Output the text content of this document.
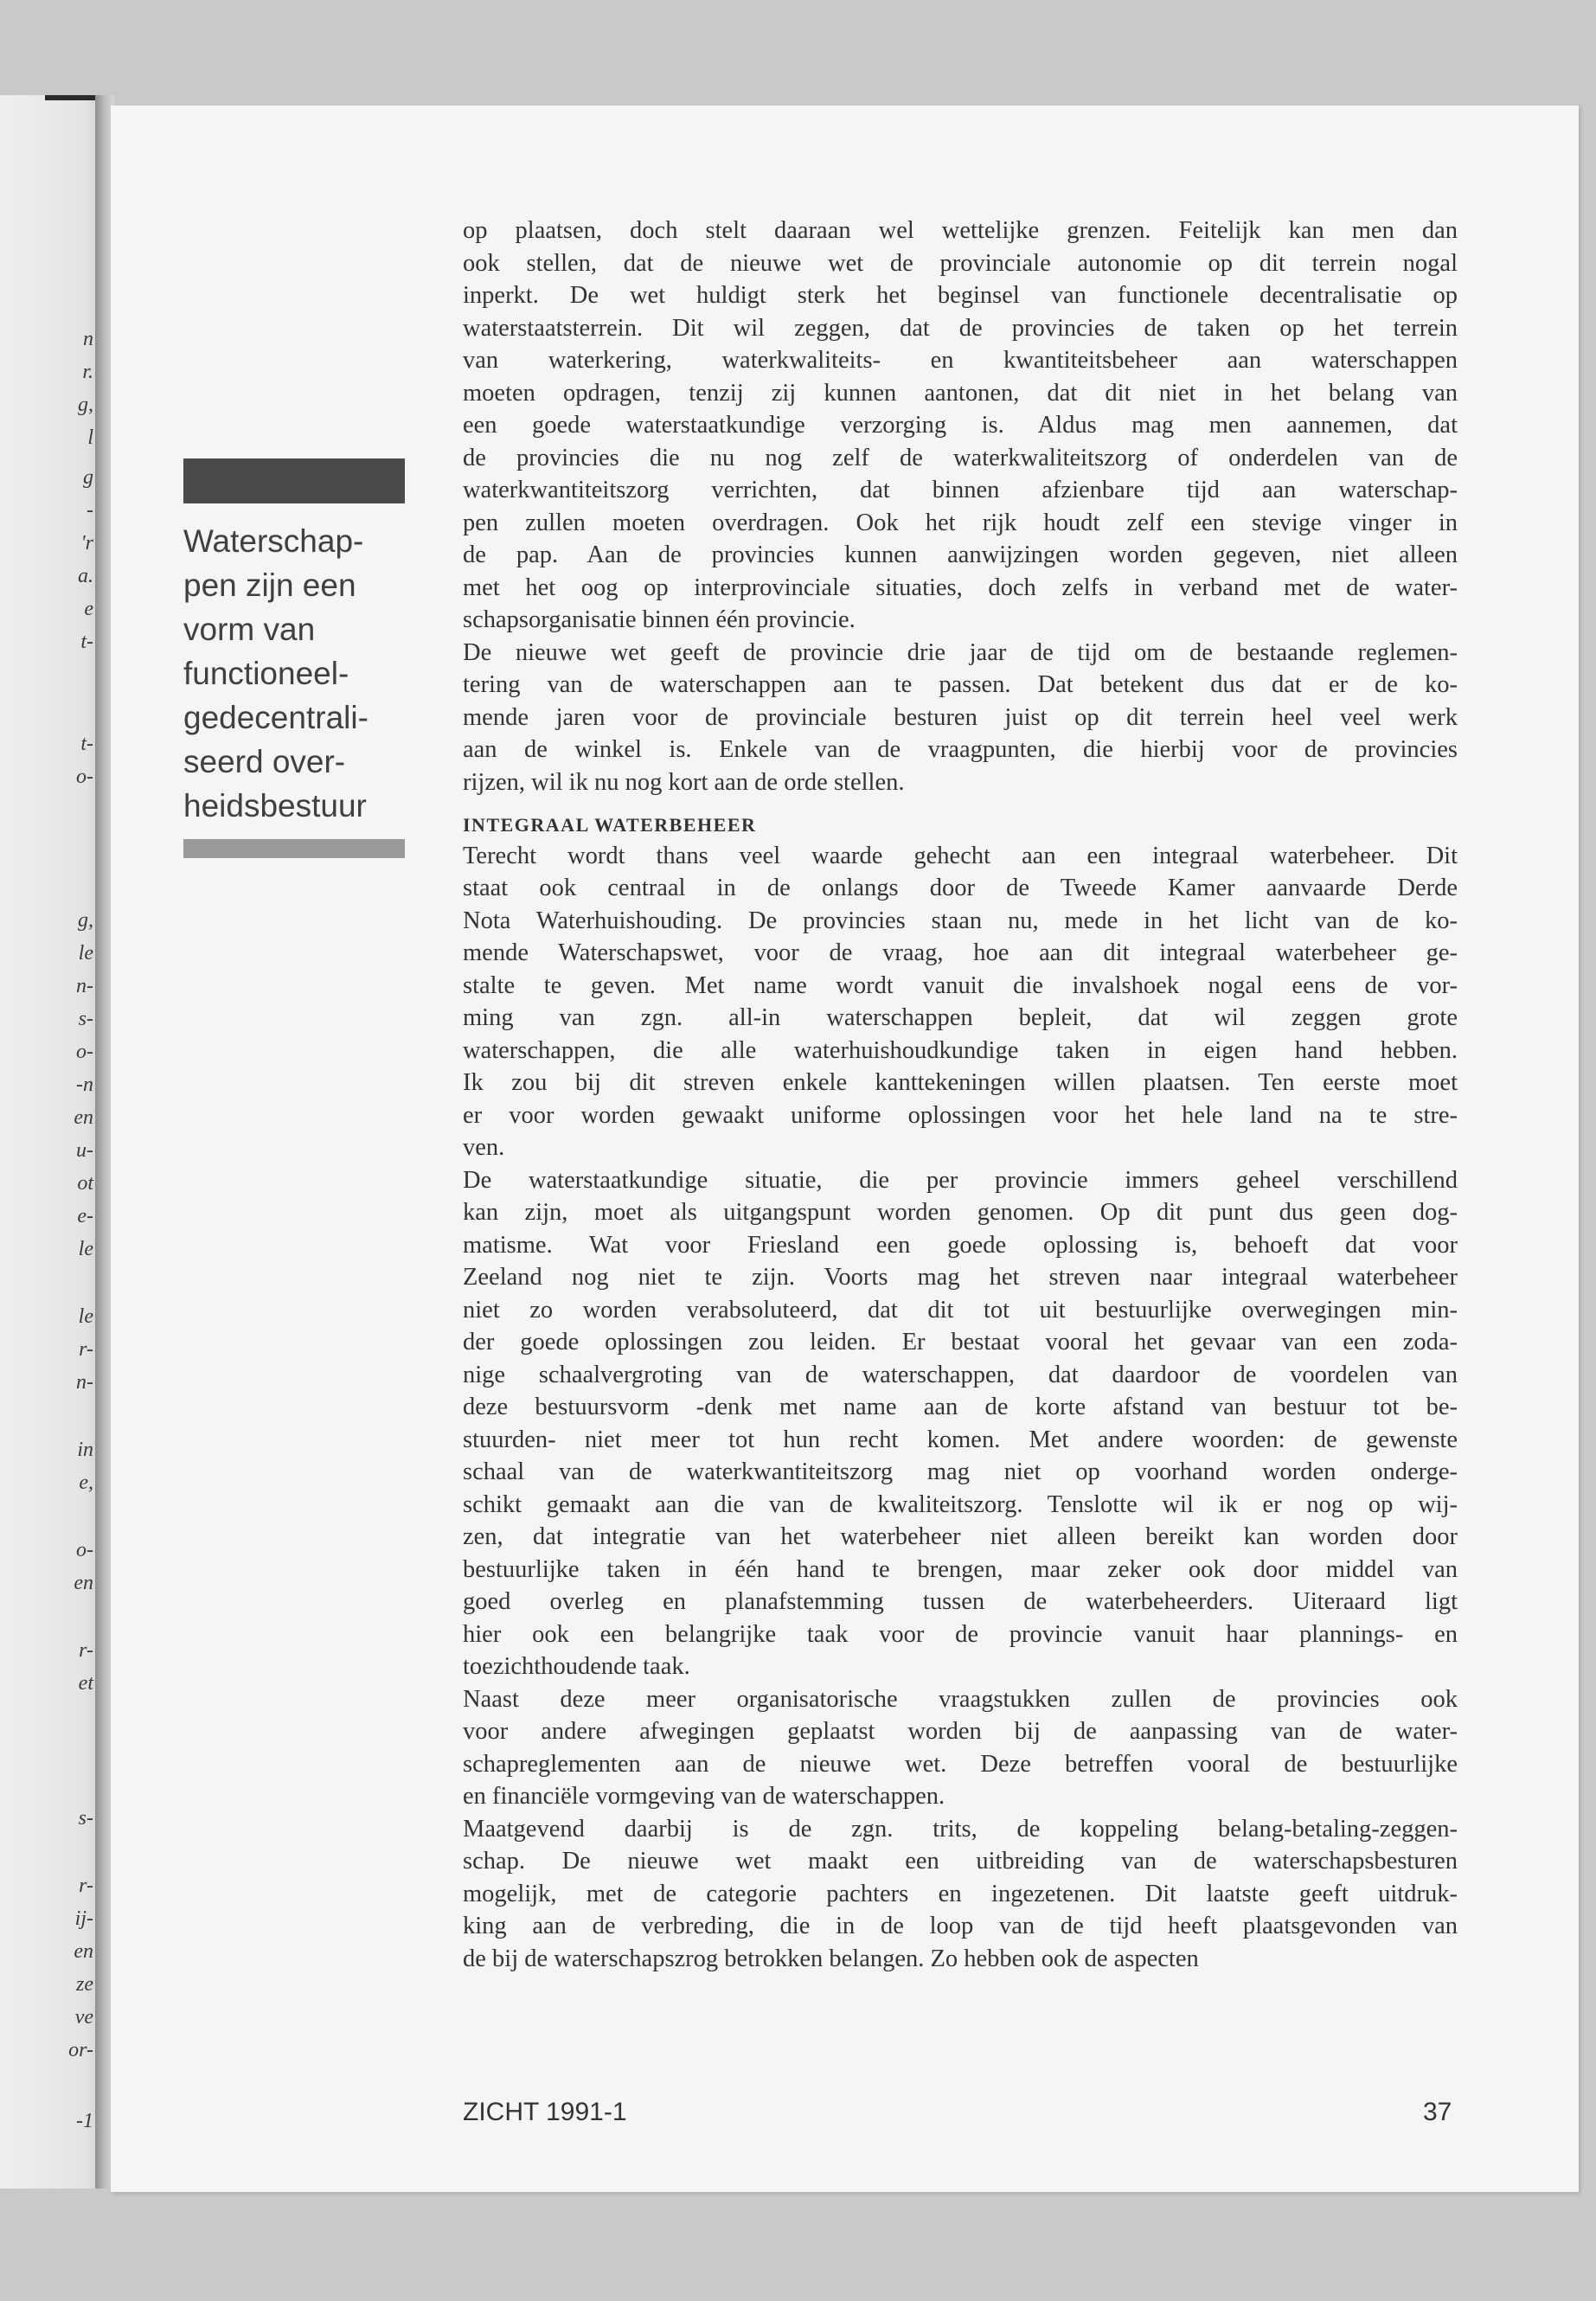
n
r.
g,
l
g
-
'r
a.
e
t-
t-
o-
g,
le
n-
s-
o-
-n
en
u-
ot
e-
le
le
r-
n-
in
e,
o-
en
r-
et
s-
r-
ij-
en
ze
ve
or-
-1

Waterschap-
pen zijn een
vorm van
functioneel-
gedecentrali-
seerd over-
heidsbestuur

op plaatsen, doch stelt daaraan wel wettelijke grenzen. Feitelijk kan men dan
ook stellen, dat de nieuwe wet de provinciale autonomie op dit terrein nogal
inperkt. De wet huldigt sterk het beginsel van functionele decentralisatie op
waterstaatsterrein. Dit wil zeggen, dat de provincies de taken op het terrein
van waterkering, waterkwaliteits- en kwantiteitsbeheer aan waterschappen
moeten opdragen, tenzij zij kunnen aantonen, dat dit niet in het belang van
een goede waterstaatkundige verzorging is. Aldus mag men aannemen, dat
de provincies die nu nog zelf de waterkwaliteitszorg of onderdelen van de
waterkwantiteitszorg verrichten, dat binnen afzienbare tijd aan waterschap-
pen zullen moeten overdragen. Ook het rijk houdt zelf een stevige vinger in
de pap. Aan de provincies kunnen aanwijzingen worden gegeven, niet alleen
met het oog op interprovinciale situaties, doch zelfs in verband met de water-
schapsorganisatie binnen één provincie.
De nieuwe wet geeft de provincie drie jaar de tijd om de bestaande reglemen-
tering van de waterschappen aan te passen. Dat betekent dus dat er de ko-
mende jaren voor de provinciale besturen juist op dit terrein heel veel werk
aan de winkel is. Enkele van de vraagpunten, die hierbij voor de provincies
rijzen, wil ik nu nog kort aan de orde stellen.
INTEGRAAL WATERBEHEER
Terecht wordt thans veel waarde gehecht aan een integraal waterbeheer. Dit
staat ook centraal in de onlangs door de Tweede Kamer aanvaarde Derde
Nota Waterhuishouding. De provincies staan nu, mede in het licht van de ko-
mende Waterschapswet, voor de vraag, hoe aan dit integraal waterbeheer ge-
stalte te geven. Met name wordt vanuit die invalshoek nogal eens de vor-
ming van zgn. all-in waterschappen bepleit, dat wil zeggen grote
waterschappen, die alle waterhuishoudkundige taken in eigen hand hebben.
Ik zou bij dit streven enkele kanttekeningen willen plaatsen. Ten eerste moet
er voor worden gewaakt uniforme oplossingen voor het hele land na te stre-
ven.
De waterstaatkundige situatie, die per provincie immers geheel verschillend
kan zijn, moet als uitgangspunt worden genomen. Op dit punt dus geen dog-
matisme. Wat voor Friesland een goede oplossing is, behoeft dat voor
Zeeland nog niet te zijn. Voorts mag het streven naar integraal waterbeheer
niet zo worden verabsoluteerd, dat dit tot uit bestuurlijke overwegingen min-
der goede oplossingen zou leiden. Er bestaat vooral het gevaar van een zoda-
nige schaalvergroting van de waterschappen, dat daardoor de voordelen van
deze bestuursvorm -denk met name aan de korte afstand van bestuur tot be-
stuurden- niet meer tot hun recht komen. Met andere woorden: de gewenste
schaal van de waterkwantiteitszorg mag niet op voorhand worden onderge-
schikt gemaakt aan die van de kwaliteitszorg. Tenslotte wil ik er nog op wij-
zen, dat integratie van het waterbeheer niet alleen bereikt kan worden door
bestuurlijke taken in één hand te brengen, maar zeker ook door middel van
goed overleg en planafstemming tussen de waterbeheerders. Uiteraard ligt
hier ook een belangrijke taak voor de provincie vanuit haar plannings- en
toezichthoudende taak.
Naast deze meer organisatorische vraagstukken zullen de provincies ook
voor andere afwegingen geplaatst worden bij de aanpassing van de water-
schapreglementen aan de nieuwe wet. Deze betreffen vooral de bestuurlijke
en financiële vormgeving van de waterschappen.
Maatgevend daarbij is de zgn. trits, de koppeling belang-betaling-zeggen-
schap. De nieuwe wet maakt een uitbreiding van de waterschapsbesturen
mogelijk, met de categorie pachters en ingezetenen. Dit laatste geeft uitdruk-
king aan de verbreding, die in de loop van de tijd heeft plaatsgevonden van
de bij de waterschapszrog betrokken belangen. Zo hebben ook de aspecten
ZICHT 1991-1	37
